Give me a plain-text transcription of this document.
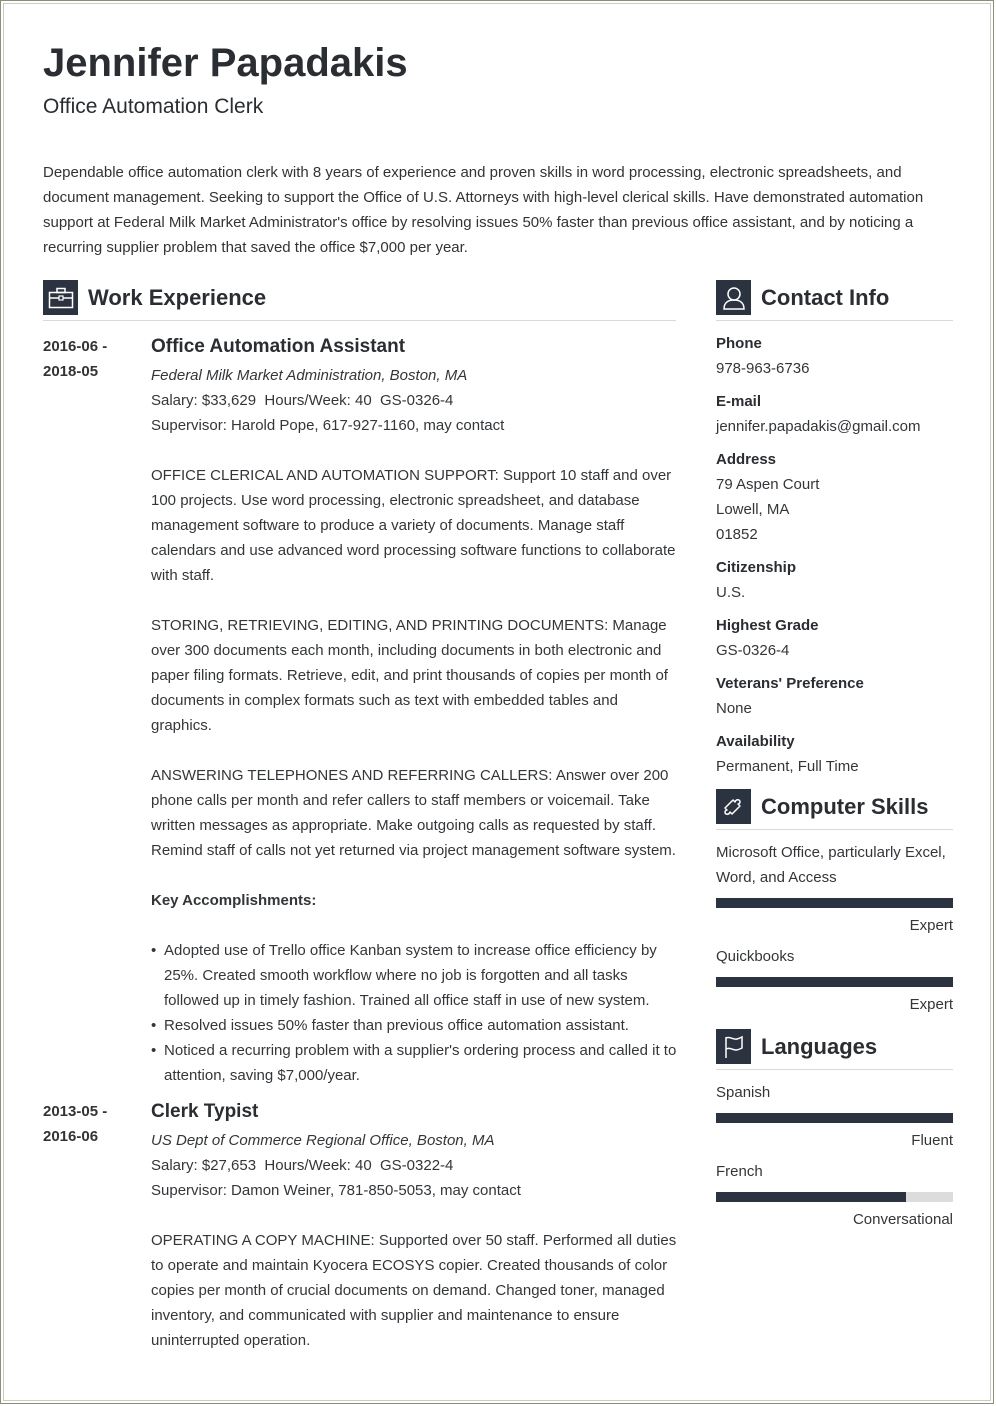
Jennifer Papadakis
Office Automation Clerk
Dependable office automation clerk with 8 years of experience and proven skills in word processing, electronic spreadsheets, and document management. Seeking to support the Office of U.S. Attorneys with high-level clerical skills. Have demonstrated automation support at Federal Milk Market Administrator's office by resolving issues 50% faster than previous office assistant, and by noticing a recurring supplier problem that saved the office $7,000 per year.
Work Experience
2016-06 -
2018-05
Office Automation Assistant
Federal Milk Market Administration, Boston, MA
Salary: $33,629  Hours/Week: 40  GS-0326-4
Supervisor: Harold Pope, 617-927-1160, may contact
OFFICE CLERICAL AND AUTOMATION SUPPORT: Support 10 staff and over 100 projects. Use word processing, electronic spreadsheet, and database management software to produce a variety of documents. Manage staff calendars and use advanced word processing software functions to collaborate with staff.
STORING, RETRIEVING, EDITING, AND PRINTING DOCUMENTS: Manage over 300 documents each month, including documents in both electronic and paper filing formats. Retrieve, edit, and print thousands of copies per month of documents in complex formats such as text with embedded tables and graphics.
ANSWERING TELEPHONES AND REFERRING CALLERS: Answer over 200 phone calls per month and refer callers to staff members or voicemail. Take written messages as appropriate. Make outgoing calls as requested by staff. Remind staff of calls not yet returned via project management software system.
Key Accomplishments:
• Adopted use of Trello office Kanban system to increase office efficiency by 25%. Created smooth workflow where no job is forgotten and all tasks followed up in timely fashion. Trained all office staff in use of new system.
• Resolved issues 50% faster than previous office automation assistant.
• Noticed a recurring problem with a supplier's ordering process and called it to attention, saving $7,000/year.
2013-05 -
2016-06
Clerk Typist
US Dept of Commerce Regional Office, Boston, MA
Salary: $27,653  Hours/Week: 40  GS-0322-4
Supervisor: Damon Weiner, 781-850-5053, may contact
OPERATING A COPY MACHINE: Supported over 50 staff. Performed all duties to operate and maintain Kyocera ECOSYS copier. Created thousands of color copies per month of crucial documents on demand. Changed toner, managed inventory, and communicated with supplier and maintenance to ensure uninterrupted operation.
Contact Info
Phone
978-963-6736
E-mail
jennifer.papadakis@gmail.com
Address
79 Aspen Court
Lowell, MA
01852
Citizenship
U.S.
Highest Grade
GS-0326-4
Veterans' Preference
None
Availability
Permanent, Full Time
Computer Skills
Microsoft Office, particularly Excel, Word, and Access
Expert
Quickbooks
Expert
Languages
Spanish
Fluent
French
Conversational
